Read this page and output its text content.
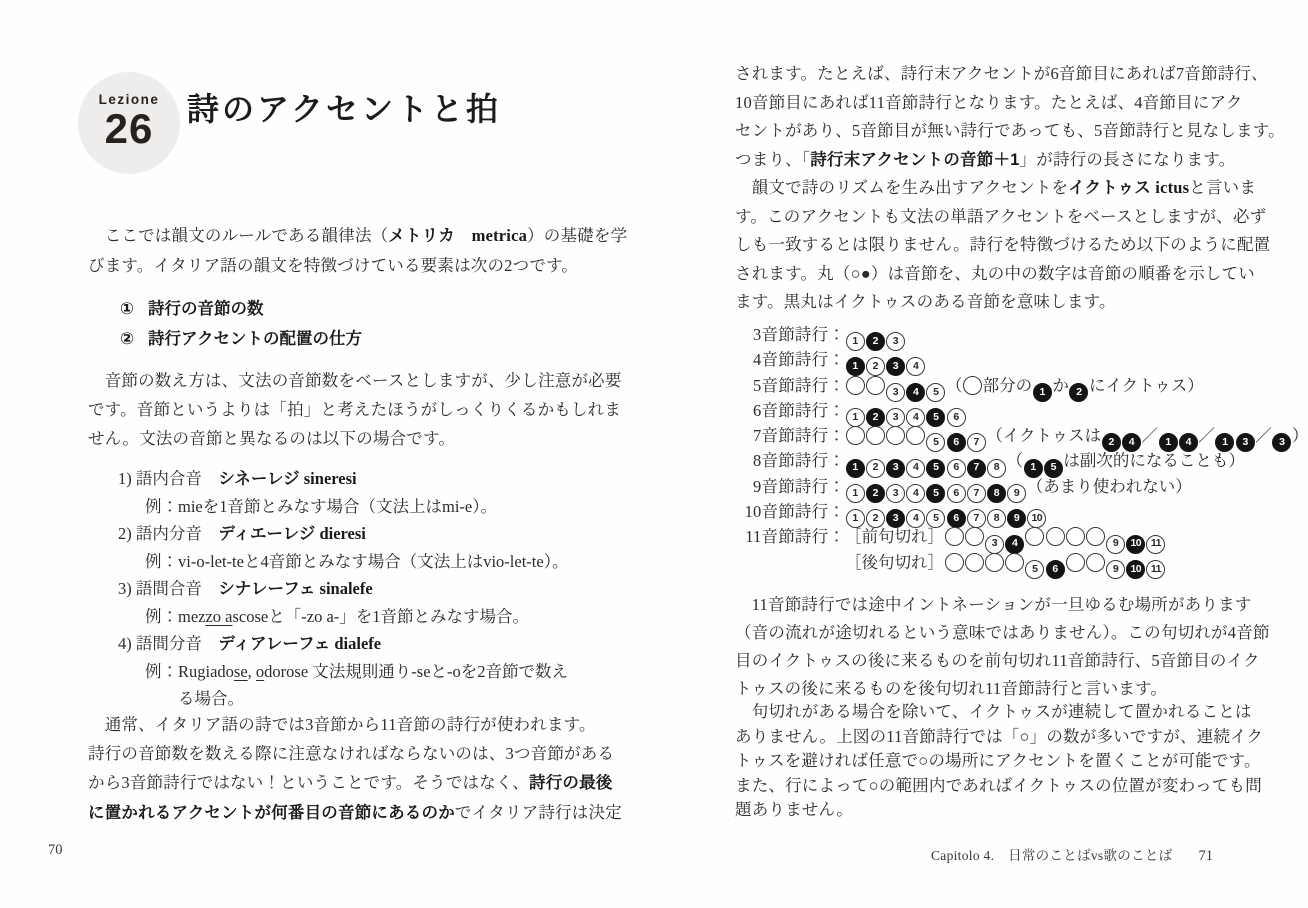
Lezione
26	詩のアクセントと拍

　ここでは韻文のルールである韻律法（メトリカ　 metrica）の基礎を学
びます。イタリア語の韻文を特徴づけている要素は次の2つです。

① 詩行の音節の数
② 詩行アクセントの配置の仕方

　音節の数え方は、文法の音節数をベースとしますが、少し注意が必要
です。音節というよりは「拍」と考えたほうがしっくりくるかもしれま
せん。文法の音節と異なるのは以下の場合です。

1) 語内合音　シネーレジ sineresi
例：mieを1音節とみなす場合（文法上はmi-e）。
2) 語内分音　ディエーレジ dieresi
例：vi-o-let-teと4音節とみなす場合（文法上はvio-let-te）。
3) 語間合音　シナレーフェ sinalefe
例：mezzo ascoseと「-zo a-」を1音節とみなす場合。
4) 語間分音　ディアレーフェ dialefe
例：Rugiadose, odorose 文法規則通り-seと-oを2音節で数え
　　る場合。

　通常、イタリア語の詩では3音節から11音節の詩行が使われます。
詩行の音節数を数える際に注意なければならないのは、3つ音節がある
から3音節詩行ではない！ということです。そうではなく、詩行の最後
に置かれるアクセントが何番目の音節にあるのかでイタリア詩行は決定

70

されます。たとえば、詩行末アクセントが6音節目にあれば7音節詩行、
10音節目にあれば11音節詩行となります。たとえば、4音節目にアク
セントがあり、5音節目が無い詩行であっても、5音節詩行と見なします。
つまり、「詩行末アクセントの音節＋1」が詩行の長さになります。

　韻文で詩のリズムを生み出すアクセントをイクトゥス ictusと言いま
す。このアクセントも文法の単語アクセントをベースとしますが、必ず
しも一致するとは限りません。詩行を特徴づけるため以下のように配置
されます。丸（○●）は音節を、丸の中の数字は音節の順番を示してい
ます。黒丸はイクトゥスのある音節を意味します。

3音節詩行： 1 2 3
4音節詩行： 1 2 3 4
5音節詩行：	3 4 5 （ 部分の 1 か 2 にイクトゥス）
6音節詩行： 1 2 3 4 5 6
7音節詩行：	5 6 7 （イクトゥスは 2 4 ／ 1 4 ／ 1 3 ／ 3 ）
8音節詩行： 1 2 3 4 5 6 7 8 （ 1 5 は副次的になることも）
9音節詩行： 1 2 3 4 5 6 7 8 9 （あまり使われない）
10音節詩行： 1 2 3 4 5 6 7 8 9 10
11音節詩行：［前句切れ］	3 4	9 10 11
［後句切れ］	5 6	9 10 11

　11音節詩行では途中イントネーションが一旦ゆるむ場所があります
（音の流れが途切れるという意味ではありません）。この句切れが4音節
目のイクトゥスの後に来るものを前句切れ11音節詩行、5音節目のイク
トゥスの後に来るものを後句切れ11音節詩行と言います。

　句切れがある場合を除いて、イクトゥスが連続して置かれることは
ありません。上図の11音節詩行では「○」の数が多いですが、連続イク
トゥスを避ければ任意で○の場所にアクセントを置くことが可能です。
また、行によって○の範囲内であればイクトゥスの位置が変わっても問
題ありません。

Capitolo 4.　日常のことばvs歌のことば 71
